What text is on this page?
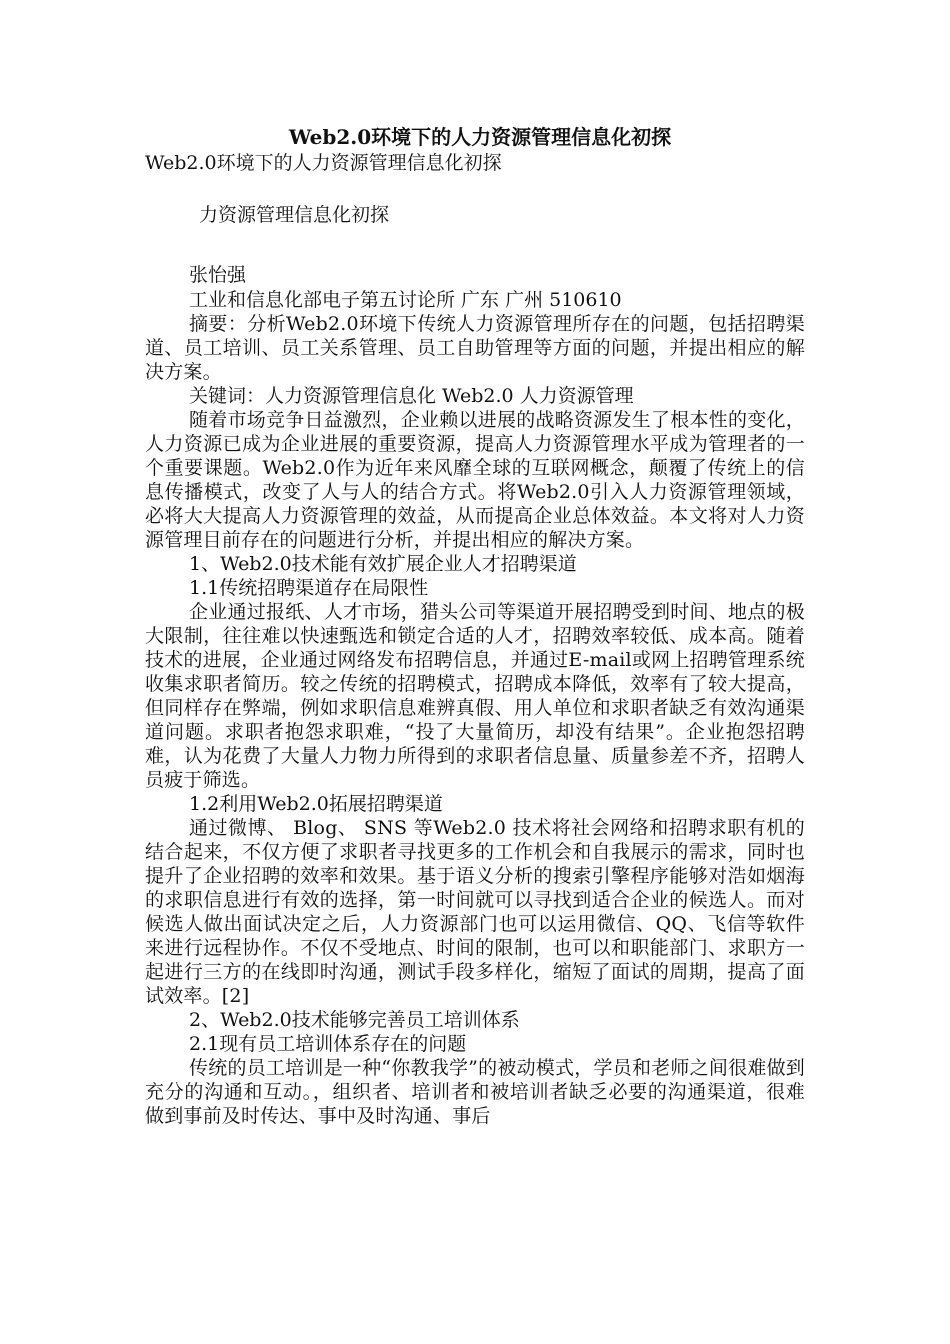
Web2.0环境下的人力资源管理信息化初探

Web2.0环境下的人力资源管理信息化初探

力资源管理信息化初探

张怡强

工业和信息化部电子第五讨论所 广东 广州 510610

摘要：分析Web2.0环境下传统人力资源管理所存在的问题，包括招聘渠道、员工培训、员工关系管理、员工自助管理等方面的问题，并提出相应的解决方案。

关键词：人力资源管理信息化 Web2.0 人力资源管理

随着市场竞争日益激烈，企业赖以进展的战略资源发生了根本性的变化，人力资源已成为企业进展的重要资源，提高人力资源管理水平成为管理者的一个重要课题。Web2.0作为近年来风靡全球的互联网概念，颠覆了传统上的信息传播模式，改变了人与人的结合方式。将Web2.0引入人力资源管理领域，必将大大提高人力资源管理的效益，从而提高企业总体效益。本文将对人力资源管理目前存在的问题进行分析，并提出相应的解决方案。

1、Web2.0技术能有效扩展企业人才招聘渠道

1.1传统招聘渠道存在局限性

企业通过报纸、人才市场，猎头公司等渠道开展招聘受到时间、地点的极大限制，往往难以快速甄选和锁定合适的人才，招聘效率较低、成本高。随着技术的进展，企业通过网络发布招聘信息，并通过E-mail或网上招聘管理系统收集求职者简历。较之传统的招聘模式，招聘成本降低，效率有了较大提高，但同样存在弊端，例如求职信息难辨真假、用人单位和求职者缺乏有效沟通渠道问题。求职者抱怨求职难，“投了大量简历，却没有结果”。企业抱怨招聘难，认为花费了大量人力物力所得到的求职者信息量、质量参差不齐，招聘人员疲于筛选。

1.2利用Web2.0拓展招聘渠道

通过微博、 Blog、 SNS 等Web2.0 技术将社会网络和招聘求职有机的结合起来，不仅方便了求职者寻找更多的工作机会和自我展示的需求，同时也提升了企业招聘的效率和效果。基于语义分析的搜索引擎程序能够对浩如烟海的求职信息进行有效的选择，第一时间就可以寻找到适合企业的候选人。而对候选人做出面试决定之后，人力资源部门也可以运用微信、QQ、飞信等软件来进行远程协作。不仅不受地点、时间的限制，也可以和职能部门、求职方一起进行三方的在线即时沟通，测试手段多样化，缩短了面试的周期，提高了面试效率。[2]

2、Web2.0技术能够完善员工培训体系

2.1现有员工培训体系存在的问题

传统的员工培训是一种“你教我学”的被动模式，学员和老师之间很难做到充分的沟通和互动。，组织者、培训者和被培训者缺乏必要的沟通渠道，很难做到事前及时传达、事中及时沟通、事后
